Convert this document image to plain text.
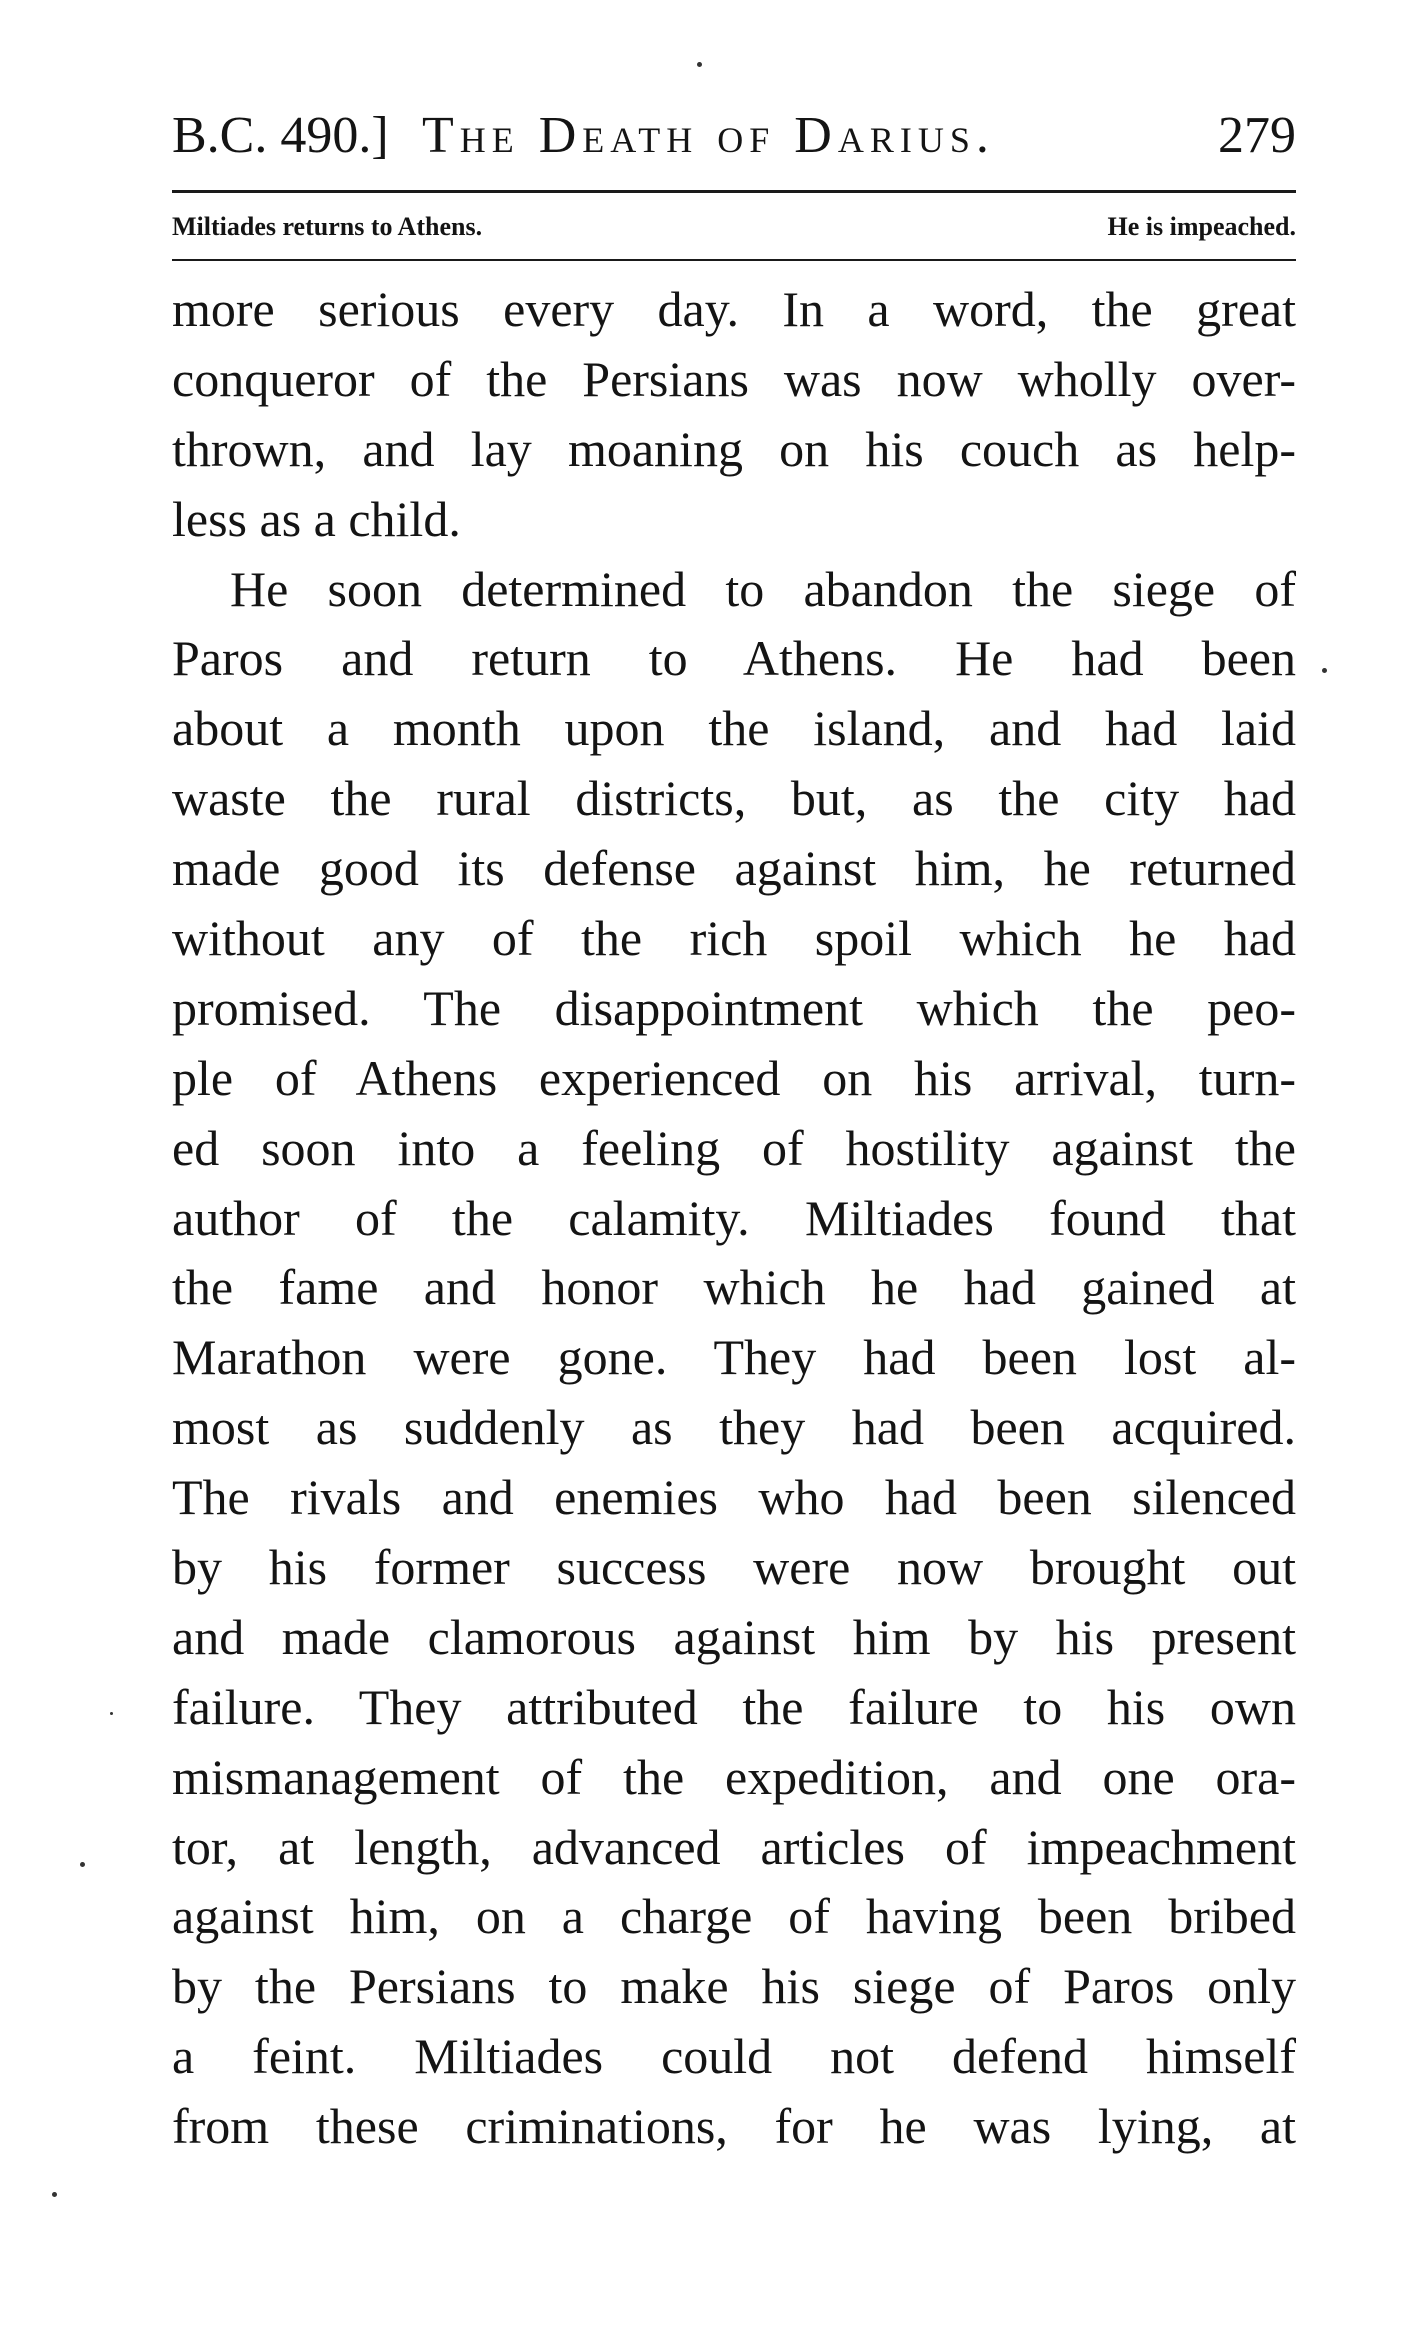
B.C. 490.] The Death of Darius.	279
Miltiades returns to Athens.	He is impeached.
more serious every day. In a word, the great
conqueror of the Persians was now wholly over-
thrown, and lay moaning on his couch as help-
less as a child.
He soon determined to abandon the siege of
Paros and return to Athens. He had been
about a month upon the island, and had laid
waste the rural districts, but, as the city had
made good its defense against him, he returned
without any of the rich spoil which he had
promised. The disappointment which the peo-
ple of Athens experienced on his arrival, turn-
ed soon into a feeling of hostility against the
author of the calamity. Miltiades found that
the fame and honor which he had gained at
Marathon were gone. They had been lost al-
most as suddenly as they had been acquired.
The rivals and enemies who had been silenced
by his former success were now brought out
and made clamorous against him by his present
failure. They attributed the failure to his own
mismanagement of the expedition, and one ora-
tor, at length, advanced articles of impeachment
against him, on a charge of having been bribed
by the Persians to make his siege of Paros only
a feint. Miltiades could not defend himself
from these criminations, for he was lying, at
